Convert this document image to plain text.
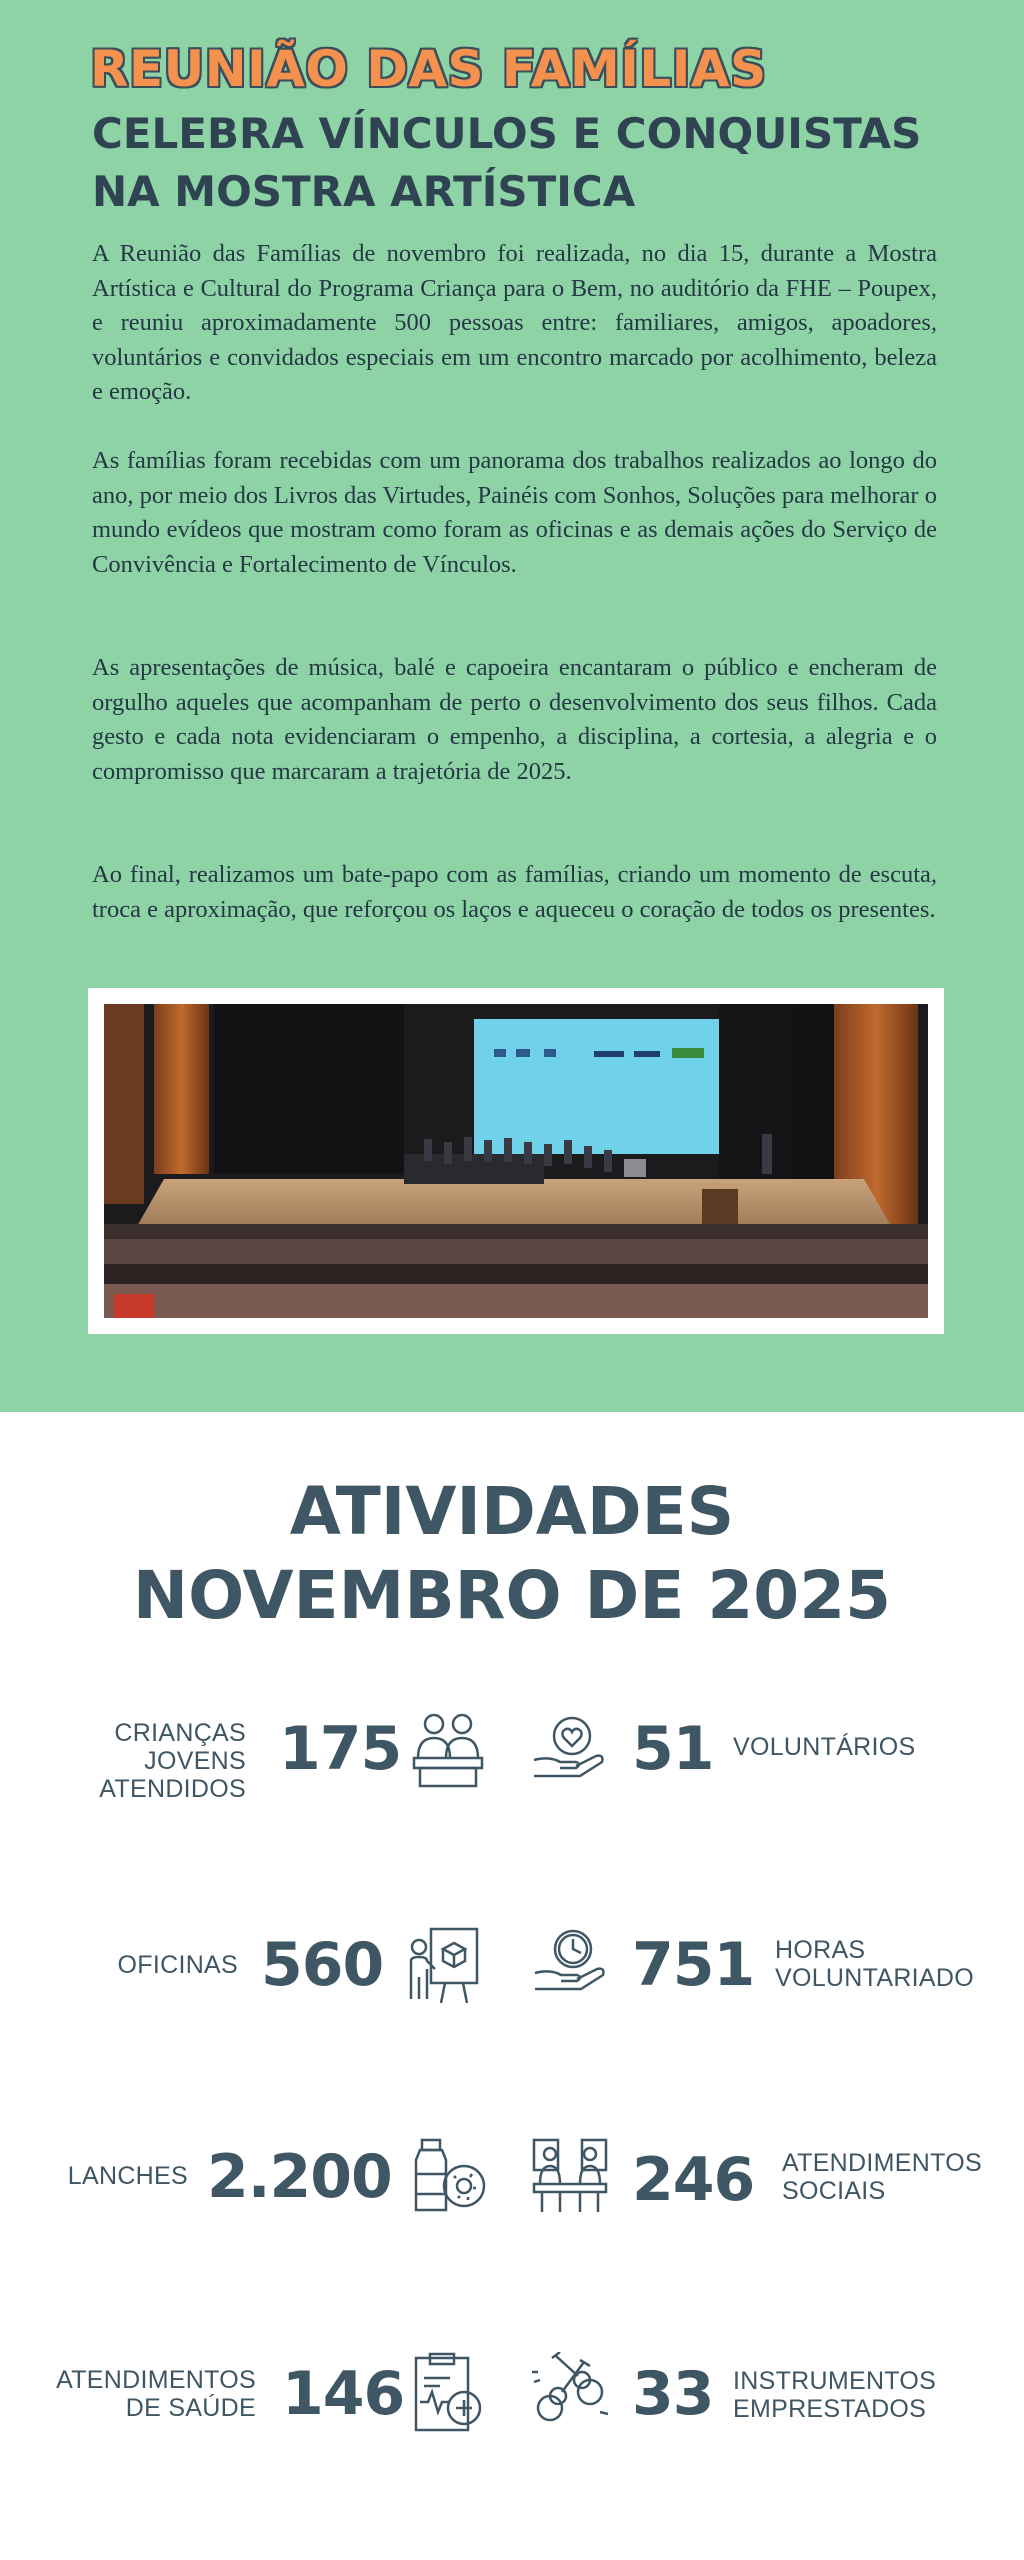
REUNIÃO DAS FAMÍLIAS
CELEBRA VÍNCULOS E CONQUISTAS
NA MOSTRA ARTÍSTICA

A Reunião das Famílias de novembro foi realizada, no dia 15, durante a Mostra Artística e Cultural do Programa Criança para o Bem, no auditório da FHE – Poupex, e reuniu aproximadamente 500 pessoas entre: familiares, amigos, apoadores, voluntários e convidados especiais em um encontro marcado por acolhimento, beleza e emoção.

As famílias foram recebidas com um panorama dos trabalhos realizados ao longo do ano, por meio dos Livros das Virtudes, Painéis com Sonhos, Soluções para melhorar o mundo evídeos que mostram como foram as oficinas e as demais ações do Serviço de Convivência e Fortalecimento de Vínculos.

As apresentações de música, balé e capoeira encantaram o público e encheram de orgulho aqueles que acompanham de perto o desenvolvimento dos seus filhos. Cada gesto e cada nota evidenciaram o empenho, a disciplina, a cortesia, a alegria e o compromisso que marcaram a trajetória de 2025.

Ao final, realizamos um bate-papo com as famílias, criando um momento de escuta, troca e aproximação, que reforçou os laços e aqueceu o coração de todos os presentes.

ATIVIDADES
NOVEMBRO DE 2025
CRIANÇAS JOVENS
ATENDIDOS
175	51 VOLUNTÁRIOS
OFICINAS 560	751 HORAS
VOLUNTARIADO
LANCHES 2.200	246 ATENDIMENTOS
SOCIAIS
ATENDIMENTOS
DE SAÚDE 146	33 INSTRUMENTOS
EMPRESTADOS
